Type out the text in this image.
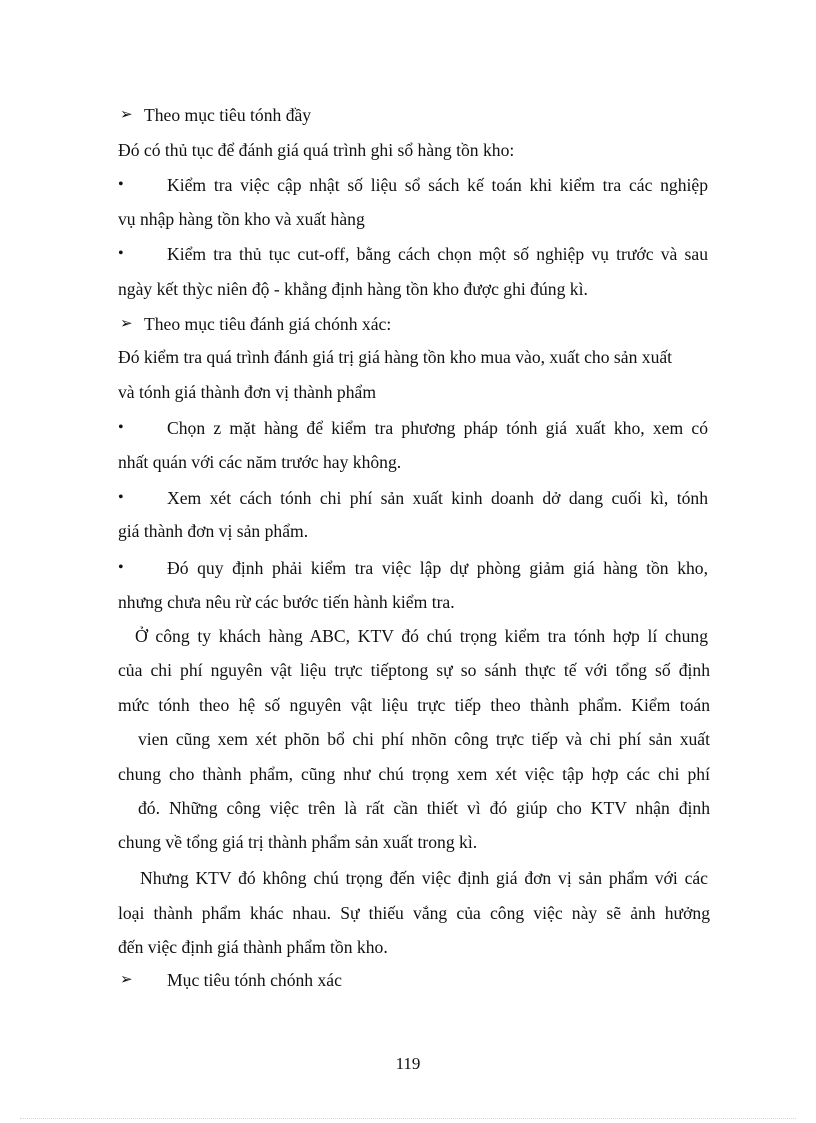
➢ Theo mục tiêu tónh đầy
Đó có thủ tục để đánh giá quá trình ghi sổ hàng tồn kho:
• Kiểm tra việc cập nhật số liệu sổ sách kế toán khi kiểm tra các nghiệp
vụ nhập hàng tồn kho và xuất hàng
• Kiểm tra thủ tục cut-off, bằng cách chọn một số nghiệp vụ trước và sau
ngày kết thỳc niên độ - khẳng định hàng tồn kho được ghi đúng kì.
➢ Theo mục tiêu đánh giá chónh xác:
Đó kiểm tra quá trình đánh giá trị giá hàng tồn kho mua vào, xuất cho sản xuất
và tónh giá thành đơn vị thành phẩm
• Chọn z mặt hàng để kiểm tra phương pháp tónh giá xuất kho, xem có
nhất quán với các năm trước hay không.
• Xem xét cách tónh chi phí sản xuất kinh doanh dở dang cuối kì, tónh
giá thành đơn vị sản phẩm.
• Đó quy định phải kiểm tra việc lập dự phòng giảm giá hàng tồn kho,
nhưng chưa nêu rừ các bước tiến hành kiểm tra.
Ở công ty khách hàng ABC, KTV đó chú trọng kiểm tra tónh hợp lí chung
của chi phí nguyên vật liệu trực tiếptong sự so sánh thực tế với tổng số định
mức tónh theo hệ số nguyên vật liệu trực tiếp theo thành phẩm. Kiểm toán
vien cũng xem xét phõn bổ chi phí nhõn công trực tiếp và chi phí sản xuất
chung cho thành phẩm, cũng như chú trọng xem xét việc tập hợp các chi phí
đó. Những công việc trên là rất cần thiết vì đó giúp cho KTV nhận định
chung về tổng giá trị thành phẩm sản xuất trong kì.
Nhưng KTV đó không chú trọng đến việc định giá đơn vị sản phẩm với các
loại thành phẩm khác nhau. Sự thiếu vắng của công việc này sẽ ảnh hưởng
đến việc định giá thành phẩm tồn kho.
➢ Mục tiêu tónh chónh xác
119
